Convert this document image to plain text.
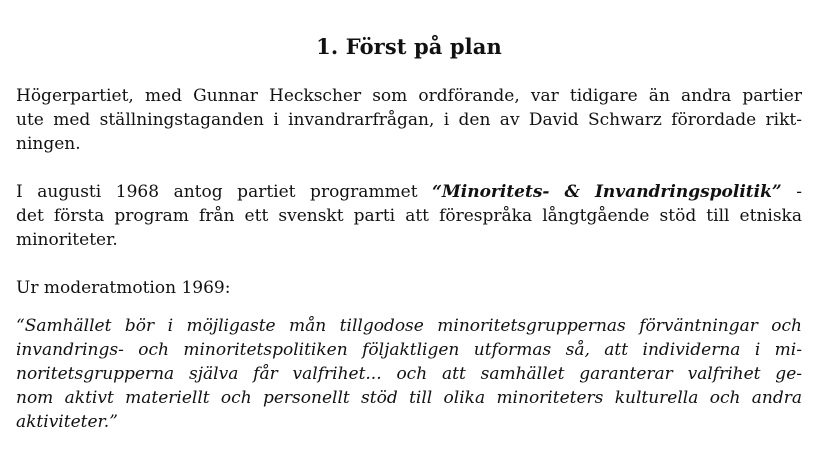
1. Först på plan

Högerpartiet, med Gunnar Heckscher som ordförande, var tidigare än andra partier
ute med ställningstaganden i invandrarfrågan, i den av David Schwarz förordade rikt-
ningen.

I augusti 1968 antog partiet programmet “Minoritets- & Invandringspolitik” -
det första program från ett svenskt parti att förespråka långtgående stöd till etniska
minoriteter.

Ur moderatmotion 1969:

“Samhället bör i möjligaste mån tillgodose minoritetsgruppernas förväntningar och
invandrings- och minoritetspolitiken följaktligen utformas så, att individerna i mi-
noritetsgrupperna själva får valfrihet... och att samhället garanterar valfrihet ge-
nom aktivt materiellt och personellt stöd till olika minoriteters kulturella och andra
aktiviteter.”
